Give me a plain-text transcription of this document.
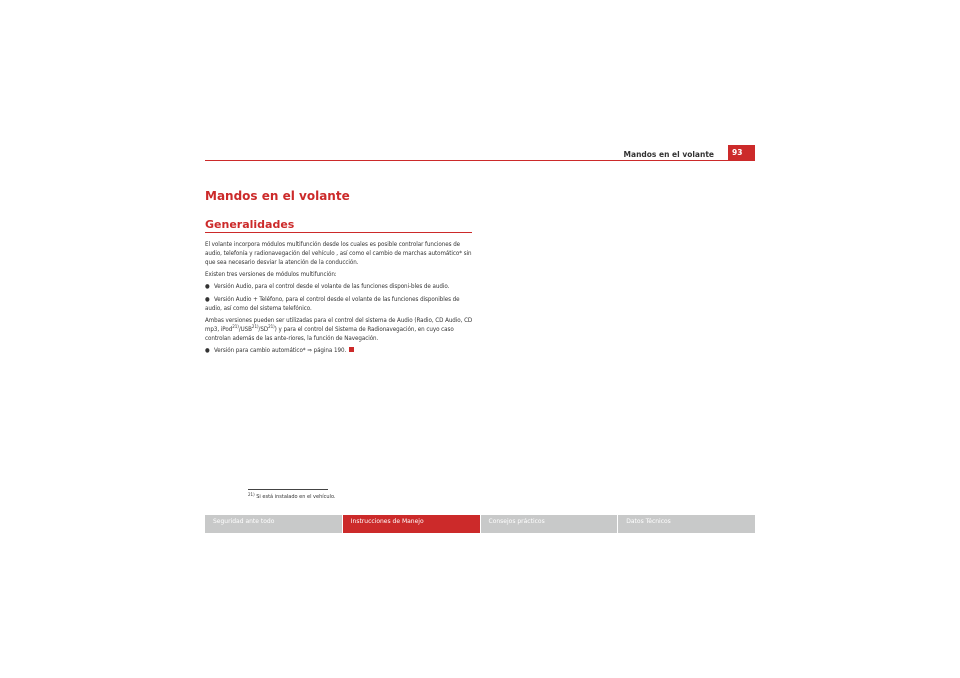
Mandos en el volante	93
Mandos en el volante
Generalidades

El volante incorpora módulos multifunción desde los cuales es posible controlar funciones de audio, telefonía y radionavegación del vehículo , así como el cambio de marchas automático* sin que sea necesario desviar la atención de la conducción.

Existen tres versiones de módulos multifunción:

● Versión Audio, para el control desde el volante de las funciones disponi-bles de audio.

● Versión Audio + Teléfono, para el control desde el volante de las funciones disponibles de audio, así como del sistema telefónico.

Ambas versiones pueden ser utilizadas para el control del sistema de Audio (Radio, CD Audio, CD mp3, iPod$^{21)}$/USB$^{21)}$/SD$^{21)}$) y para el control del Sistema de Radionavegación, en cuyo caso controlan además de las ante-riores, la función de Navegación.

● Versión para cambio automático* ⇒ página 190.

$^{21)}$ Si está instalado en el vehículo.
Seguridad ante todo	Instrucciones de Manejo	Consejos prácticos	Datos Técnicos
